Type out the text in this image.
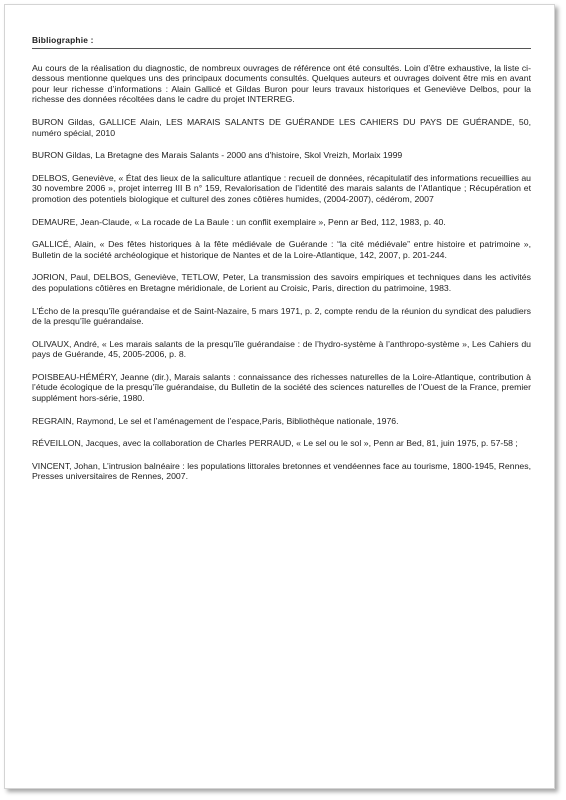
Bibliographie :

Au cours de la réalisation du diagnostic, de nombreux ouvrages de référence ont été consultés. Loin d’être exhaustive, la liste ci-dessous mentionne quelques uns des principaux documents consultés. Quelques auteurs et ouvrages doivent être mis en avant pour leur richesse d’informations : Alain Gallicé et Gildas Buron pour leurs travaux historiques et Geneviève Delbos, pour la richesse des données récoltées dans le cadre du projet INTERREG.

BURON Gildas, GALLICE Alain, LES MARAIS SALANTS DE GUÉRANDE LES CAHIERS DU PAYS DE GUÉRANDE, 50, numéro spécial, 2010

BURON Gildas, La Bretagne des Marais Salants - 2000 ans d'histoire, Skol Vreizh, Morlaix 1999

DELBOS, Geneviève, « État des lieux de la saliculture atlantique : recueil de données, récapitulatif des informations recueillies au 30 novembre 2006 », projet interreg III B n° 159, Revalorisation de l’identité des marais salants de l’Atlantique ; Récupération et promotion des potentiels biologique et culturel des zones côtières humides, (2004-2007), cédérom, 2007

DEMAURE, Jean-Claude, « La rocade de La Baule : un conflit exemplaire », Penn ar Bed, 112, 1983, p. 40.

GALLICÉ, Alain, « Des fêtes historiques à la fête médiévale de Guérande : “la cité médiévale” entre histoire et patrimoine », Bulletin de la société archéologique et historique de Nantes et de la Loire-Atlantique, 142, 2007, p. 201-244.

JORION, Paul, DELBOS, Geneviève, TETLOW, Peter, La transmission des savoirs empiriques et techniques dans les activités des populations côtières en Bretagne méridionale, de Lorient au Croisic, Paris, direction du patrimoine, 1983.

L’Écho de la presqu’île guérandaise et de Saint-Nazaire, 5 mars 1971, p. 2, compte rendu de la réunion du syndicat des paludiers de la presqu’île guérandaise.

OLIVAUX, André, « Les marais salants de la presqu’île guérandaise : de l’hydro-système à l’anthropo-système », Les Cahiers du pays de Guérande, 45, 2005-2006, p. 8.

POISBEAU-HÉMÉRY, Jeanne (dir.), Marais salants : connaissance des richesses naturelles de la Loire-Atlantique, contribution à l’étude écologique de la presqu’île guérandaise, du Bulletin de la société des sciences naturelles de l’Ouest de la France, premier supplément hors-série, 1980.

REGRAIN, Raymond, Le sel et l’aménagement de l’espace,Paris, Bibliothèque nationale, 1976.

RÉVEILLON, Jacques, avec la collaboration de Charles PERRAUD, « Le sel ou le sol », Penn ar Bed, 81, juin 1975, p. 57-58 ;

VINCENT, Johan, L’intrusion balnéaire : les populations littorales bretonnes et vendéennes face au tourisme, 1800-1945, Rennes, Presses universitaires de Rennes, 2007.
